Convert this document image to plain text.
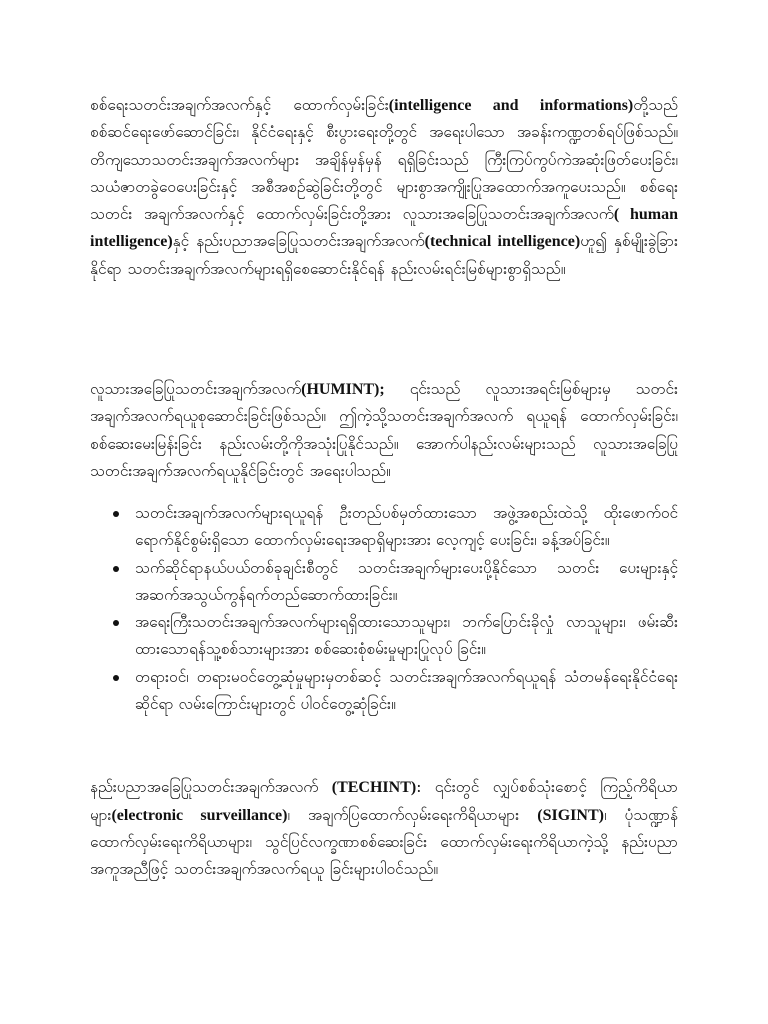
စစ်ရေးသတင်းအချက်အလက်နှင့် ထောက်လှမ်းခြင်း(intelligence and informations)တို့သည် စစ်ဆင်ရေးဖော်ဆောင်ခြင်း၊ နိုင်ငံရေးနှင့် စီးပွားရေးတို့တွင် အရေးပါသော အခန်းကဏ္ဍတစ်ရပ်ဖြစ်သည်။ တိကျသောသတင်းအချက်အလက်များ အချိန်မှန်မှန် ရရှိခြင်းသည် ကြီးကြပ်ကွပ်ကဲအဆုံးဖြတ်ပေးခြင်း၊ သယံဇာတခွဲဝေပေးခြင်းနှင့် အစီအစဉ်ဆွဲခြင်းတို့တွင် များစွာအကျိုးပြုအထောက်အကူပေးသည်။ စစ်ရေးသတင်း အချက်အလက်နှင့် ထောက်လှမ်းခြင်းတို့အား လူသားအခြေပြုသတင်းအချက်အလက်( human intelligence)နှင့် နည်းပညာအခြေပြုသတင်းအချက်အလက်(technical intelligence)ဟူ၍ နှစ်မျိုးခွဲခြားနိုင်ရာ သတင်းအချက်အလက်များရရှိစေဆောင်းနိုင်ရန် နည်းလမ်းရင်းမြစ်များစွာရှိသည်။

လူသားအခြေပြုသတင်းအချက်အလက်(HUMINT); ၎င်းသည် လူသားအရင်းမြစ်များမှ သတင်းအချက်အလက်ရယူစုဆောင်းခြင်းဖြစ်သည်။ ဤကဲ့သို့သတင်းအချက်အလက် ရယူရန် ထောက်လှမ်းခြင်း၊ စစ်ဆေးမေးမြန်းခြင်း နည်းလမ်းတို့ကိုအသုံးပြုနိုင်သည်။ အောက်ပါနည်းလမ်းများသည် လူသားအခြေပြု သတင်းအချက်အလက်ရယူနိုင်ခြင်းတွင် အရေးပါသည်။

သတင်းအချက်အလက်များရယူရန် ဦးတည်ပစ်မှတ်ထားသော အဖွဲ့အစည်းထဲသို့ ထိုးဖောက်ဝင်ရောက်နိုင်စွမ်းရှိသော ထောက်လှမ်းရေးအရာရှိများအား လေ့ကျင့် ပေးခြင်း၊ ခန့်အပ်ခြင်း။
သက်ဆိုင်ရာနယ်ပယ်တစ်ခုချင်းစီတွင် သတင်းအချက်များပေးပို့နိုင်သော သတင်း ပေးများနှင့် အဆက်အသွယ်ကွန်ရက်တည်ဆောက်ထားခြင်း။
အရေးကြီးသတင်းအချက်အလက်များရရှိထားသောသူများ၊ ဘက်ပြောင်းခိုလှုံ လာသူများ၊ ဖမ်းဆီးထားသောရန်သူ့စစ်သားများအား စစ်ဆေးစုံစမ်းမှုများပြုလုပ် ခြင်း။
တရားဝင်၊ တရားမဝင်တွေ့ဆုံမှုများမှတစ်ဆင့် သတင်းအချက်အလက်ရယူရန် သံတမန်ရေးနိုင်ငံရေးဆိုင်ရာ လမ်းကြောင်းများတွင် ပါဝင်တွေ့ဆုံခြင်း။

နည်းပညာအခြေပြုသတင်းအချက်အလက် (TECHINT): ၎င်းတွင် လျှပ်စစ်သုံးစောင့် ကြည့်ကိရိယာများ(electronic surveillance)၊ အချက်ပြထောက်လှမ်းရေးကိရိယာများ (SIGINT)၊ ပုံသဏ္ဍာန်ထောက်လှမ်းရေးကိရိယာများ၊ သွင်ပြင်လက္ခဏာစစ်ဆေးခြင်း ထောက်လှမ်းရေးကိရိယာကဲ့သို့ နည်းပညာအကူအညီဖြင့် သတင်းအချက်အလက်ရယူ ခြင်းများပါဝင်သည်။
